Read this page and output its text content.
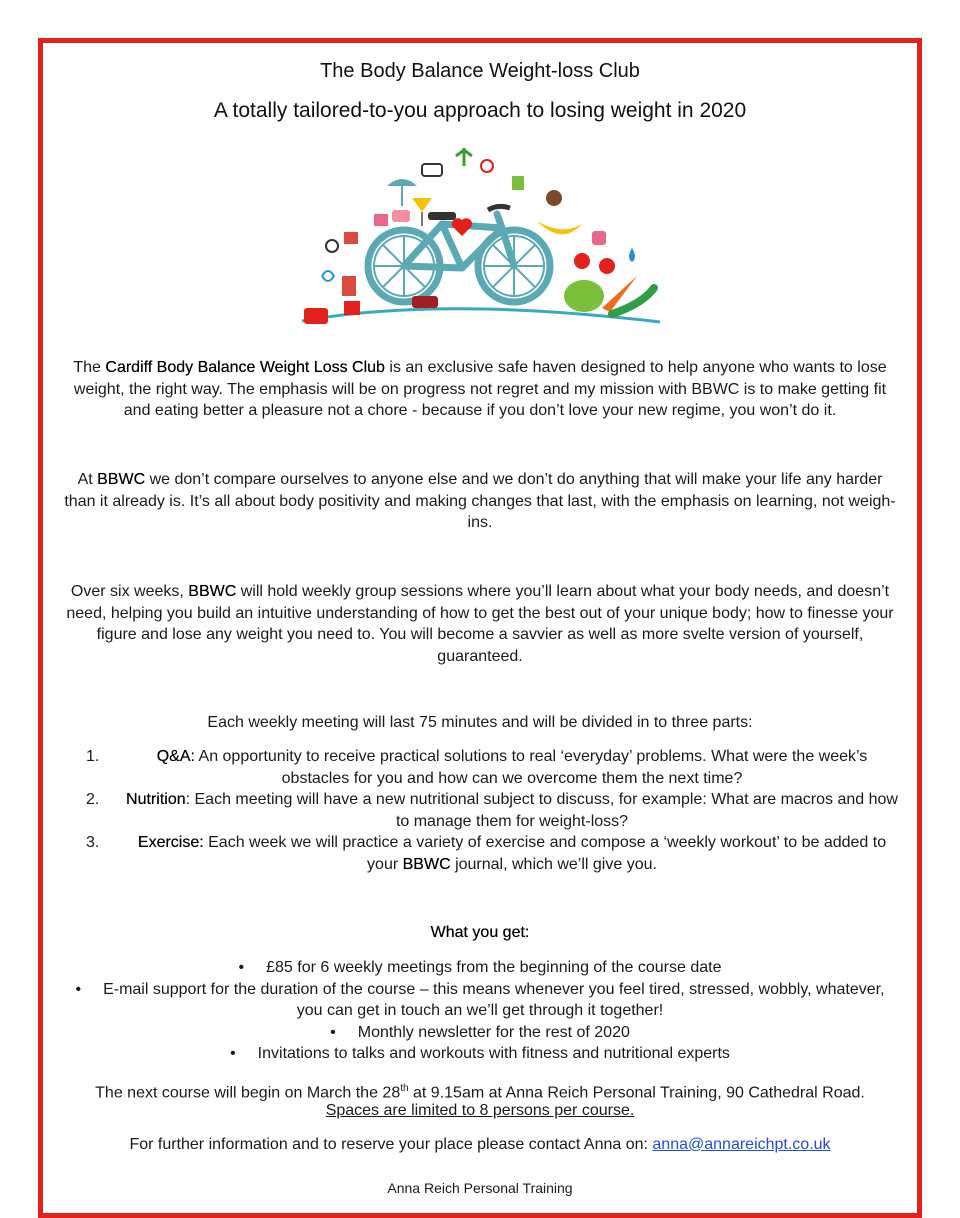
The Body Balance Weight-loss Club
A totally tailored-to-you approach to losing weight in 2020
The Cardiff Body Balance Weight Loss Club is an exclusive safe haven designed to help anyone who wants to lose weight, the right way. The emphasis will be on progress not regret and my mission with BBWC is to make getting fit and eating better a pleasure not a chore - because if you don’t love your new regime, you won’t do it.
At BBWC we don’t compare ourselves to anyone else and we don’t do anything that will make your life any harder than it already is. It’s all about body positivity and making changes that last, with the emphasis on learning, not weigh-ins.
Over six weeks, BBWC will hold weekly group sessions where you’ll learn about what your body needs, and doesn’t need, helping you build an intuitive understanding of how to get the best out of your unique body; how to finesse your figure and lose any weight you need to. You will become a savvier as well as more svelte version of yourself, guaranteed.
Each weekly meeting will last 75 minutes and will be divided in to three parts:
1.	Q&A: An opportunity to receive practical solutions to real ‘everyday’ problems. What were the week’s obstacles for you and how can we overcome them the next time?
2. Nutrition: Each meeting will have a new nutritional subject to discuss, for example: What are macros and how to manage them for weight-loss?
3. Exercise: Each week we will practice a variety of exercise and compose a ‘weekly workout’ to be added to your BBWC journal, which we’ll give you.
What you get:
• £85 for 6 weekly meetings from the beginning of the course date
• E-mail support for the duration of the course – this means whenever you feel tired, stressed, wobbly, whatever, you can get in touch an we’ll get through it together!
• Monthly newsletter for the rest of 2020
• Invitations to talks and workouts with fitness and nutritional experts
The next course will begin on March the 28th at 9.15am at Anna Reich Personal Training, 90 Cathedral Road.
Spaces are limited to 8 persons per course.
For further information and to reserve your place please contact Anna on: anna@annareichpt.co.uk
Anna Reich Personal Training
